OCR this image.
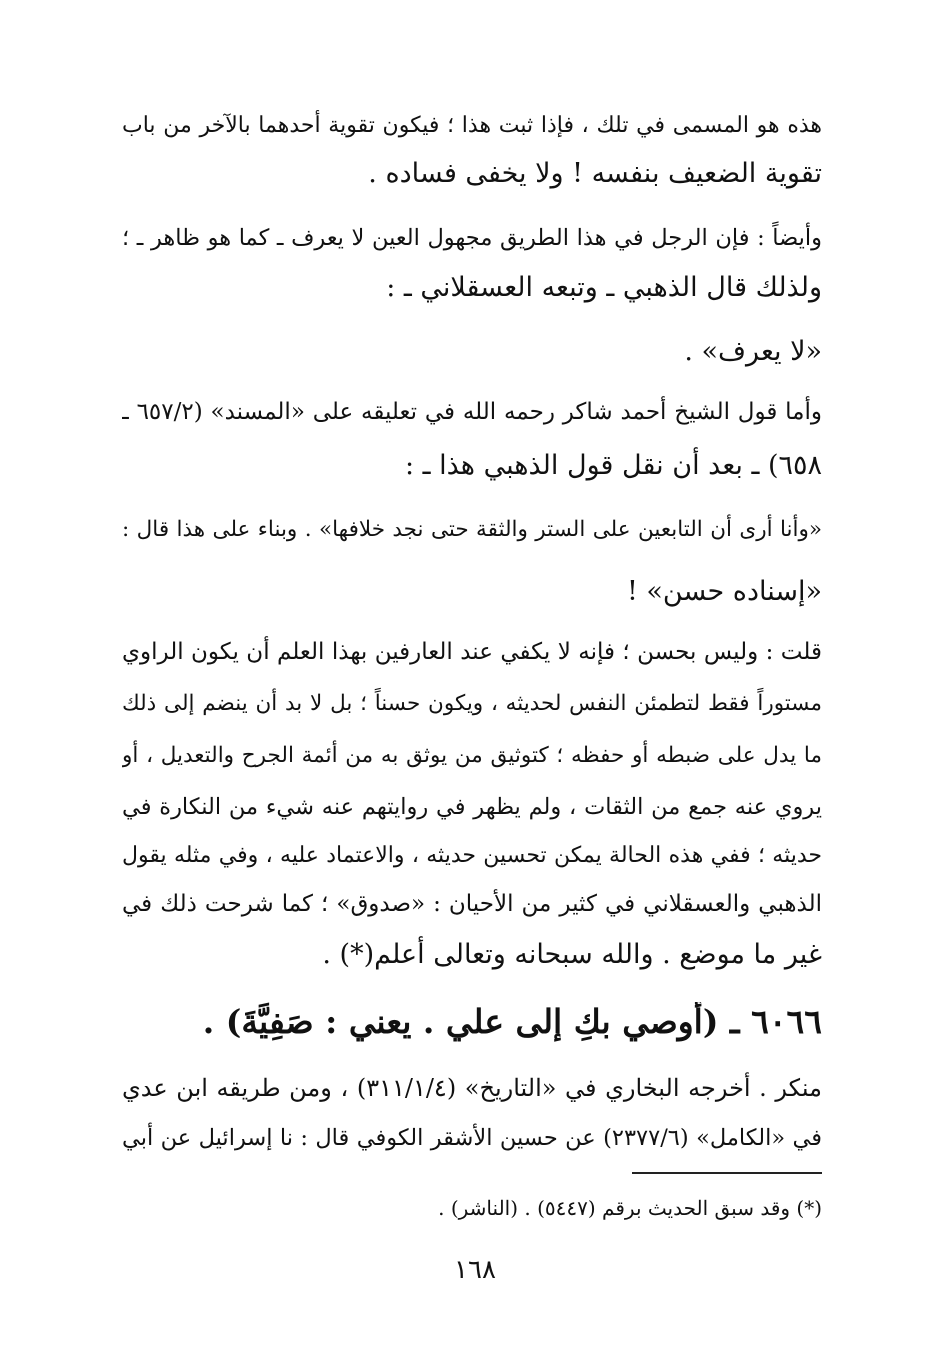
هذه هو المسمى في تلك ، فإذا ثبت هذا ؛ فيكون تقوية أحدهما بالآخر من باب
تقوية الضعيف بنفسه ! ولا يخفى فساده .
وأيضاً : فإن الرجل في هذا الطريق مجهول العين لا يعرف ـ كما هو ظاهر ـ ؛
ولذلك قال الذهبي ـ وتبعه العسقلاني ـ :
«لا يعرف» .
وأما قول الشيخ أحمد شاكر رحمه الله في تعليقه على «المسند» (٦٥٧/٢ ـ
٦٥٨) ـ بعد أن نقل قول الذهبي هذا ـ :
«وأنا أرى أن التابعين على الستر والثقة حتى نجد خلافها» . وبناء على هذا قال :
«إسناده حسن» !
قلت : وليس بحسن ؛ فإنه لا يكفي عند العارفين بهذا العلم أن يكون الراوي
مستوراً فقط لتطمئن النفس لحديثه ، ويكون حسناً ؛ بل لا بد أن ينضم إلى ذلك
ما يدل على ضبطه أو حفظه ؛ كتوثيق من يوثق به من أئمة الجرح والتعديل ، أو
يروي عنه جمع من الثقات ، ولم يظهر في روايتهم عنه شيء من النكارة في
حديثه ؛ ففي هذه الحالة يمكن تحسين حديثه ، والاعتماد عليه ، وفي مثله يقول
الذهبي والعسقلاني في كثير من الأحيان : «صدوق» ؛ كما شرحت ذلك في
غير ما موضع . والله سبحانه وتعالى أعلم(*) .
٦٠٦٦ ـ (أُوصي بكِ إلى علي . يعني : صَفِيَّةَ) .
منكر . أخرجه البخاري في «التاريخ» (٣١١/١/٤) ، ومن طريقه ابن عدي
في «الكامل» (٢٣٧٧/٦) عن حسين الأشقر الكوفي قال : نا إسرائيل عن أبي
(*) وقد سبق الحديث برقم (٥٤٤٧) . (الناشر) .
١٦٨
